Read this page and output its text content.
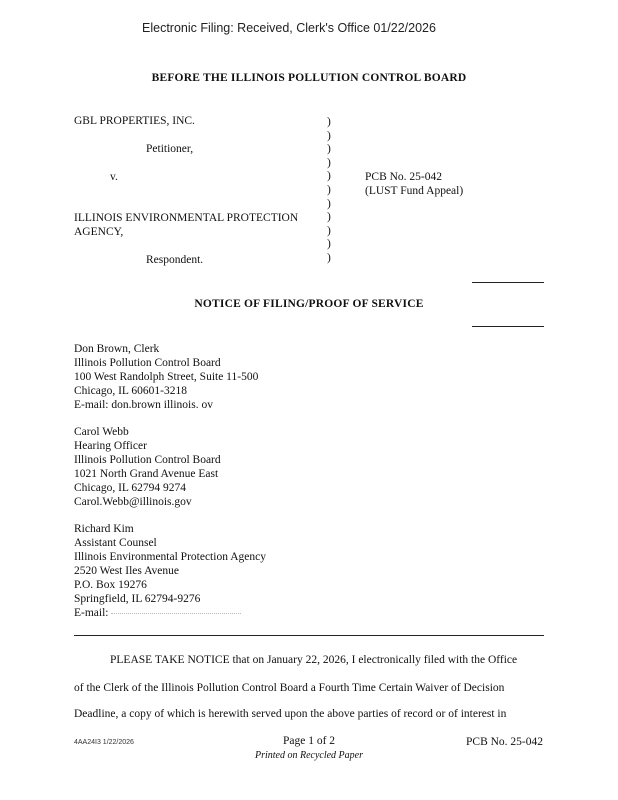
Electronic Filing: Received, Clerk's Office 01/22/2026
BEFORE THE ILLINOIS POLLUTION CONTROL BOARD
GBL PROPERTIES, INC.
Petitioner,
v.
ILLINOIS ENVIRONMENTAL PROTECTION
AGENCY,
Respondent.
)
)
)
)
)
)
)
)
)
)
)
PCB No. 25-042
(LUST Fund Appeal)
NOTICE OF FILING/PROOF OF SERVICE
Don Brown, Clerk
Illinois Pollution Control Board
100 West Randolph Street, Suite 11-500
Chicago, IL 60601-3218
E-mail: don.brown illinois. ov
Carol Webb
Hearing Officer
Illinois Pollution Control Board
1021 North Grand Avenue East
Chicago, IL 62794 9274
Carol.Webb@illinois.gov
Richard Kim
Assistant Counsel
Illinois Environmental Protection Agency
2520 West Iles Avenue
P.O. Box 19276
Springfield, IL 62794-9276
E-mail:
PLEASE TAKE NOTICE that on January 22, 2026, I electronically filed with the Office
of the Clerk of the Illinois Pollution Control Board a Fourth Time Certain Waiver of Decision
Deadline, a copy of which is herewith served upon the above parties of record or of interest in
4AA24I3 1/22/2026	Page 1 of 2
Printed on Recycled Paper
PCB No. 25-042
